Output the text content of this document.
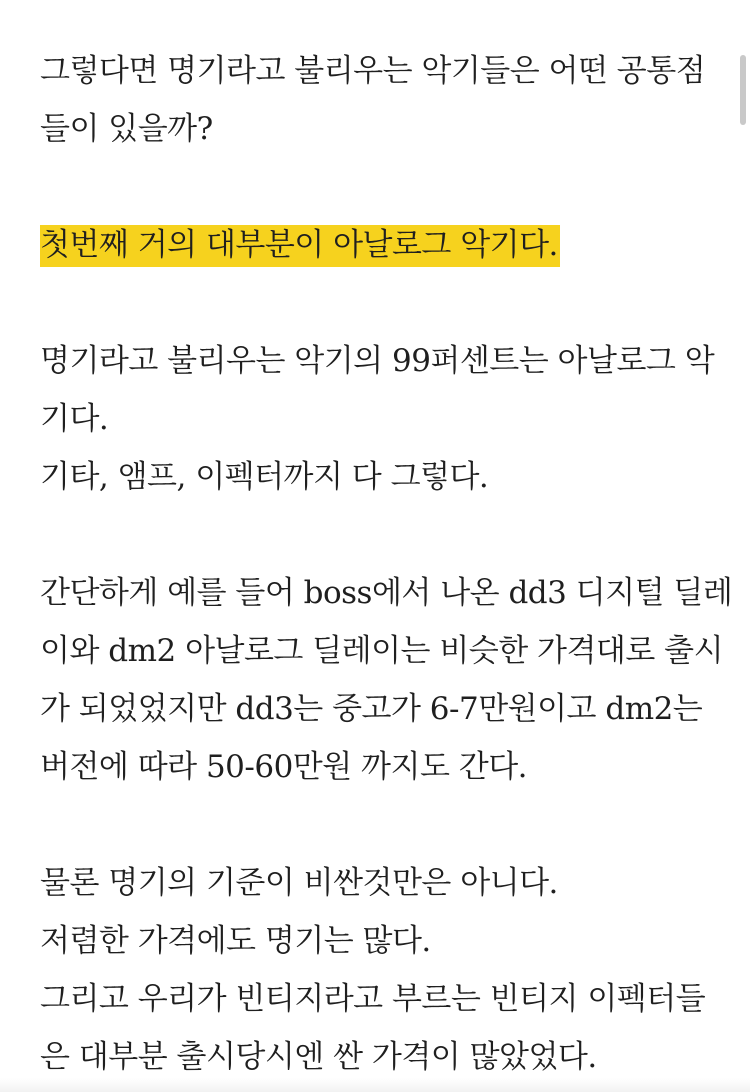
그렇다면 명기라고 불리우는 악기들은 어떤 공통점
들이 있을까?
첫번째 거의 대부분이 아날로그 악기다.
명기라고 불리우는 악기의 99퍼센트는 아날로그 악
기다.
기타, 앰프, 이펙터까지 다 그렇다.
간단하게 예를 들어 boss에서 나온 dd3 디지털 딜레
이와 dm2 아날로그 딜레이는 비슷한 가격대로 출시
가 되었었지만 dd3는 중고가 6-7만원이고 dm2는
버전에 따라 50-60만원 까지도 간다.
물론 명기의 기준이 비싼것만은 아니다.
저렴한 가격에도 명기는 많다.
그리고 우리가 빈티지라고 부르는 빈티지 이펙터들
은 대부분 출시당시엔 싼 가격이 많았었다.
